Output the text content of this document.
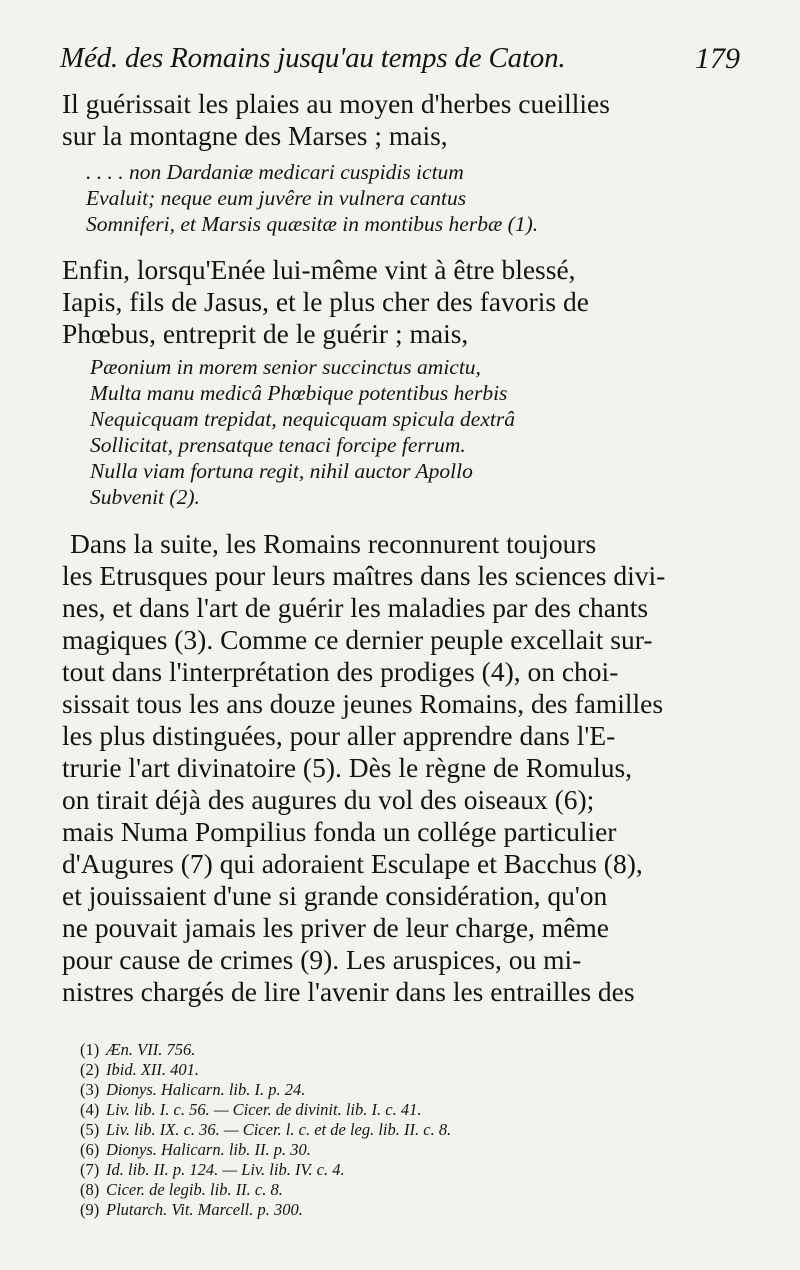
Méd. des Romains jusqu'au temps de Caton.	179
Il guérissait les plaies au moyen d'herbes cueillies
sur la montagne des Marses ; mais,
. . . . non Dardaniæ medicari cuspidis ictum
Evaluit; neque eum juvêre in vulnera cantus
Somniferi, et Marsis quæsitæ in montibus herbæ (1).
Enfin, lorsqu'Enée lui-même vint à être blessé,
Iapis, fils de Jasus, et le plus cher des favoris de
Phœbus, entreprit de le guérir ; mais,
Pæonium in morem senior succinctus amictu,
Multa manu medicâ Phœbique potentibus herbis
Nequicquam trepidat, nequicquam spicula dextrâ
Sollicitat, prensatque tenaci forcipe ferrum.
Nulla viam fortuna regit, nihil auctor Apollo
Subvenit (2).
Dans la suite, les Romains reconnurent toujours
les Etrusques pour leurs maîtres dans les sciences divi-
nes, et dans l'art de guérir les maladies par des chants
magiques (3). Comme ce dernier peuple excellait sur-
tout dans l'interprétation des prodiges (4), on choi-
sissait tous les ans douze jeunes Romains, des familles
les plus distinguées, pour aller apprendre dans l'E-
trurie l'art divinatoire (5). Dès le règne de Romulus,
on tirait déjà des augures du vol des oiseaux (6);
mais Numa Pompilius fonda un collége particulier
d'Augures (7) qui adoraient Esculape et Bacchus (8),
et jouissaient d'une si grande considération, qu'on
ne pouvait jamais les priver de leur charge, même
pour cause de crimes (9). Les aruspices, ou mi-
nistres chargés de lire l'avenir dans les entrailles des
(1) Æn. VII. 756.
(2) Ibid. XII. 401.
(3) Dionys. Halicarn. lib. I. p. 24.
(4) Liv. lib. I. c. 56. — Cicer. de divinit. lib. I. c. 41.
(5) Liv. lib. IX. c. 36. — Cicer. l. c. et de leg. lib. II. c. 8.
(6) Dionys. Halicarn. lib. II. p. 30.
(7) Id. lib. II. p. 124. — Liv. lib. IV. c. 4.
(8) Cicer. de legib. lib. II. c. 8.
(9) Plutarch. Vit. Marcell. p. 300.
